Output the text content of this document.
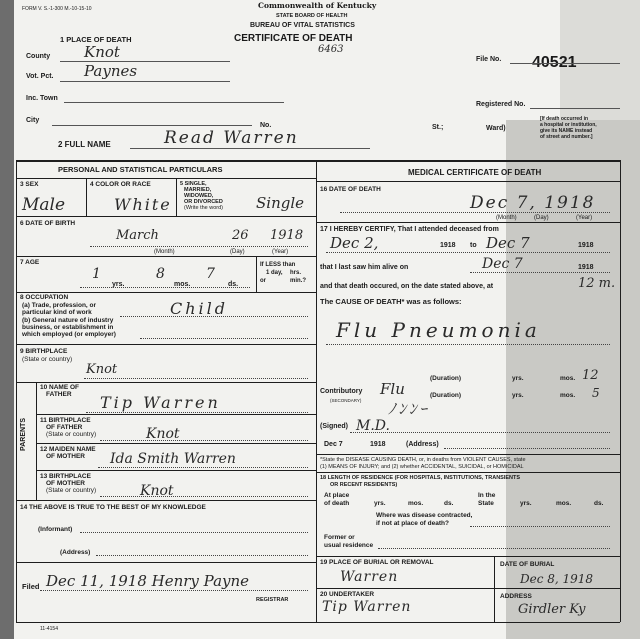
FORM V. S.-1-300 M.-10-15-10	Commonwealth of Kentucky
STATE BOARD OF HEALTH
BUREAU OF VITAL STATISTICS
CERTIFICATE OF DEATH
6463
40521
1 PLACE OF DEATH
County Knot
Vot. Pct. Paynes
Inc. Town
City
No.	St.;	Ward)
File No.
Registered No.
[If death occurred in
a hospital or institution,
give its NAME instead
of street and number.]
2 FULL NAME	Read Warren
PERSONAL AND STATISTICAL PARTICULARS	MEDICAL CERTIFICATE OF DEATH
3 SEX
Male
4 COLOR OR RACE
White
5 SINGLE,
MARRIED,
WIDOWED,
OR DIVORCED
(Write the word) Single
6 DATE OF BIRTH
March	26 1918
(Month)	(Day)	(Year)
7 AGE
1
yrs.
8
mos.
7
ds.
If LESS than
1 day, hrs.
or	min.?
8 OCCUPATION
(a) Trade, profession, or
particular kind of work
(b) General nature of industry
business, or establishment in
which employed (or employer)
Child
9 BIRTHPLACE
(State or country)
Knot
PARENTS
10 NAME OF
FATHER Tip Warren
11 BIRTHPLACE
OF FATHER
(State or country)	Knot
12 MAIDEN NAME
OF MOTHER Ida Smith Warren
13 BIRTHPLACE
OF MOTHER
(State or country)	Knot
14 THE ABOVE IS TRUE TO THE BEST OF MY KNOWLEDGE
(Informant)
(Address)
Filed Dec 11, 1918 Henry Payne
REGISTRAR
11-4154
16 DATE OF DEATH
Dec 7, 1918
(Month)	(Day)	(Year)
17 I HEREBY CERTIFY, That I attended deceased from
Dec 2,	1918 to Dec 7	1918
that I last saw him alive on	Dec 7	1918
and that death occured, on the date stated above, at	12 m.
The CAUSE OF DEATH* was as follows:
Flu Pneumonia
(Duration)	yrs.	mos. 12
Contributory
(SECONDARY)
Flu	(Duration)	yrs.	mos. 5
ﾉﾝﾝｰ
(Signed) M.D.
Dec 7	1918	(Address)
*State the DISEASE CAUSING DEATH, or, in deaths from VIOLENT CAUSES, state
(1) MEANS OF INJURY; and (2) whether ACCIDENTAL, SUICIDAL, or HOMICIDAL
18 LENGTH OF RESIDENCE (FOR HOSPITALS, INSTITUTIONS, TRANSIENTS
OR RECENT RESIDENTS)
At place
of death	yrs.	mos.	ds.
In the
State	yrs.	mos.	ds.
Where was disease contracted,
if not at place of death?
Former or
usual residence
19 PLACE OF BURIAL OR REMOVAL
Warren
DATE OF BURIAL
Dec 8, 1918
20 UNDERTAKER
Tip Warren
ADDRESS
Girdler Ky
